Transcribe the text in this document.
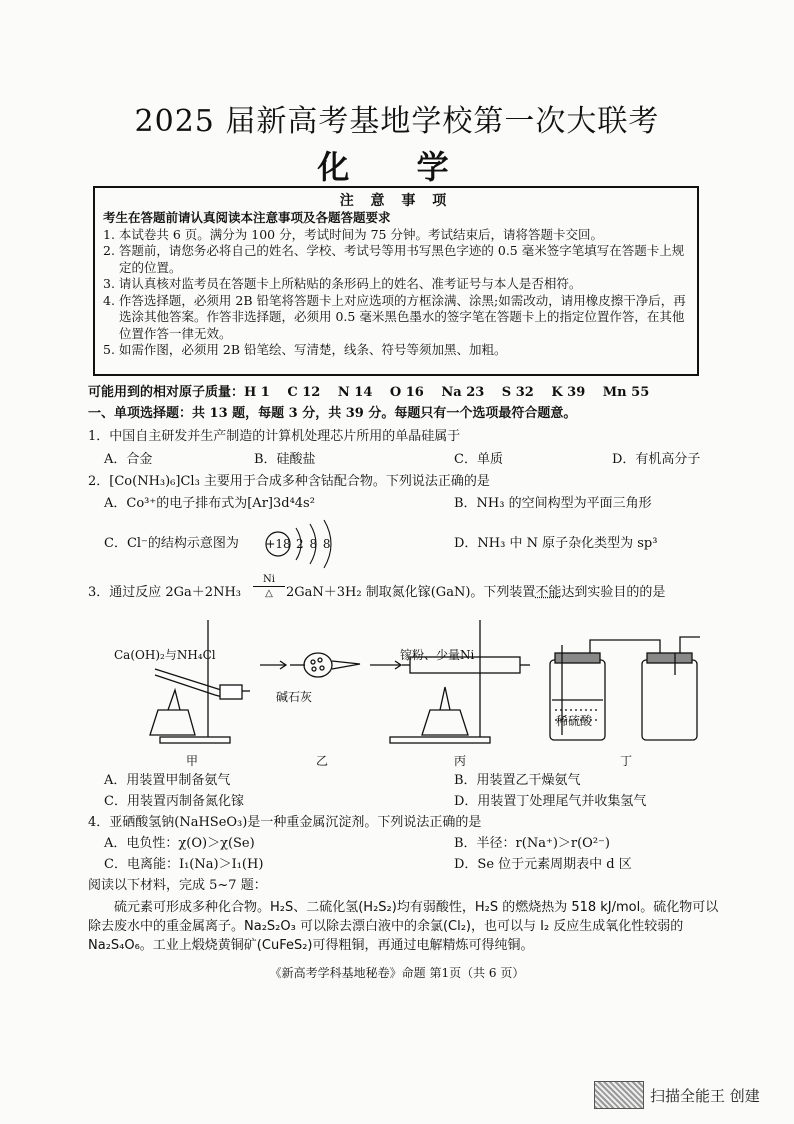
2025 届新高考基地学校第一次大联考
化 学
注 意 事 项
考生在答题前请认真阅读本注意事项及各题答题要求
1. 本试卷共 6 页。满分为 100 分，考试时间为 75 分钟。考试结束后，请将答题卡交回。
2. 答题前，请您务必将自己的姓名、学校、考试号等用书写黑色字迹的 0.5 毫米签字笔填写在答题卡上规定的位置。
3. 请认真核对监考员在答题卡上所粘贴的条形码上的姓名、准考证号与本人是否相符。
4. 作答选择题，必须用 2B 铅笔将答题卡上对应选项的方框涂满、涂黑;如需改动，请用橡皮擦干净后，再选涂其他答案。作答非选择题，必须用 0.5 毫米黑色墨水的签字笔在答题卡上的指定位置作答，在其他位置作答一律无效。
5. 如需作图，必须用 2B 铅笔绘、写清楚，线条、符号等须加黑、加粗。
可能用到的相对原子质量：H 1　 C 12　 N 14　 O 16　 Na 23　 S 32　 K 39　 Mn 55
一、单项选择题：共 13 题，每题 3 分，共 39 分。每题只有一个选项最符合题意。
1．中国自主研发并生产制造的计算机处理芯片所用的单晶硅属于
A．合金	B．硅酸盐	C．单质	D．有机高分子
2．[Co(NH₃)₆]Cl₃ 主要用于合成多种含钴配合物。下列说法正确的是
A．Co³⁺的电子排布式为[Ar]3d⁴4s²	B．NH₃ 的空间构型为平面三角形
C．Cl⁻的结构示意图为 +18 2 8 8	D．NH₃ 中 N 原子杂化类型为 sp³
3．通过反应 2Ga＋2NH₃
Ni
△	2GaN＋3H₂ 制取氮化镓(GaN)。下列装置不能达到实验目的的是
Ca(OH)₂与NH₄Cl
碱石灰
镓粉、少量Ni
稀硫酸
甲	乙	丙	丁
A．用装置甲制备氨气	B．用装置乙干燥氨气
C．用装置丙制备氮化镓	D．用装置丁处理尾气并收集氢气
4．亚硒酸氢钠(NaHSeO₃)是一种重金属沉淀剂。下列说法正确的是
A．电负性：χ(O)＞χ(Se)	B．半径：r(Na⁺)＞r(O²⁻)
C．电离能：I₁(Na)＞I₁(H)	D．Se 位于元素周期表中 d 区
阅读以下材料，完成 5~7 题：
硫元素可形成多种化合物。H₂S、二硫化氢(H₂S₂)均有弱酸性，H₂S 的燃烧热为 518 kJ/mol。硫化物可以除去废水中的重金属离子。Na₂S₂O₃ 可以除去漂白液中的余氯(Cl₂)，也可以与 I₂ 反应生成氧化性较弱的 Na₂S₄O₆。工业上煅烧黄铜矿(CuFeS₂)可得粗铜，再通过电解精炼可得纯铜。
《新高考学科基地秘卷》命题 第1页（共 6 页）
扫描全能王 创建
